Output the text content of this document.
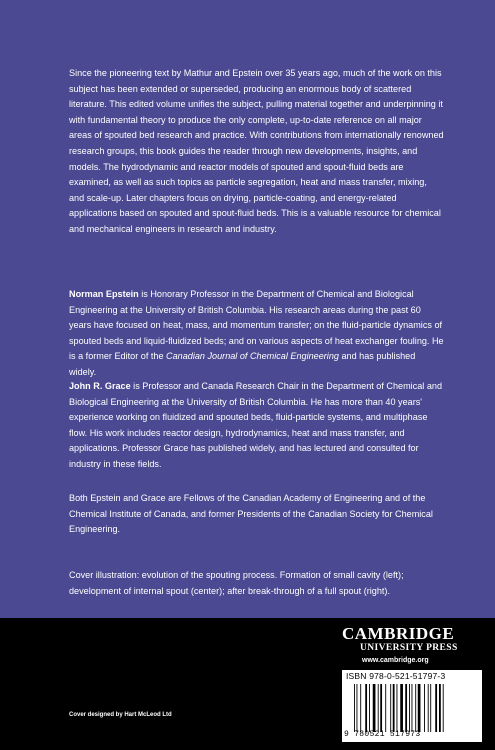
Since the pioneering text by Mathur and Epstein over 35 years ago, much of the work on this subject has been extended or superseded, producing an enormous body of scattered literature. This edited volume unifies the subject, pulling material together and underpinning it with fundamental theory to produce the only complete, up-to-date reference on all major areas of spouted bed research and practice. With contributions from internationally renowned research groups, this book guides the reader through new developments, insights, and models. The hydrodynamic and reactor models of spouted and spout-fluid beds are examined, as well as such topics as particle segregation, heat and mass transfer, mixing, and scale-up. Later chapters focus on drying, particle-coating, and energy-related applications based on spouted and spout-fluid beds. This is a valuable resource for chemical and mechanical engineers in research and industry.

Norman Epstein is Honorary Professor in the Department of Chemical and Biological Engineering at the University of British Columbia. His research areas during the past 60 years have focused on heat, mass, and momentum transfer; on the fluid-particle dynamics of spouted beds and liquid-fluidized beds; and on various aspects of heat exchanger fouling. He is a former Editor of the Canadian Journal of Chemical Engineering and has published widely.

John R. Grace is Professor and Canada Research Chair in the Department of Chemical and Biological Engineering at the University of British Columbia. He has more than 40 years' experience working on fluidized and spouted beds, fluid-particle systems, and multiphase flow. His work includes reactor design, hydrodynamics, heat and mass transfer, and applications. Professor Grace has published widely, and has lectured and consulted for industry in these fields.

Both Epstein and Grace are Fellows of the Canadian Academy of Engineering and of the Chemical Institute of Canada, and former Presidents of the Canadian Society for Chemical Engineering.

Cover illustration: evolution of the spouting process. Formation of small cavity (left); development of internal spout (center); after break-through of a full spout (right).

CAMBRIDGE
UNIVERSITY PRESS
www.cambridge.org
ISBN 978-0-521-51797-3
9 780521 517973
Cover designed by Hart McLeod Ltd
